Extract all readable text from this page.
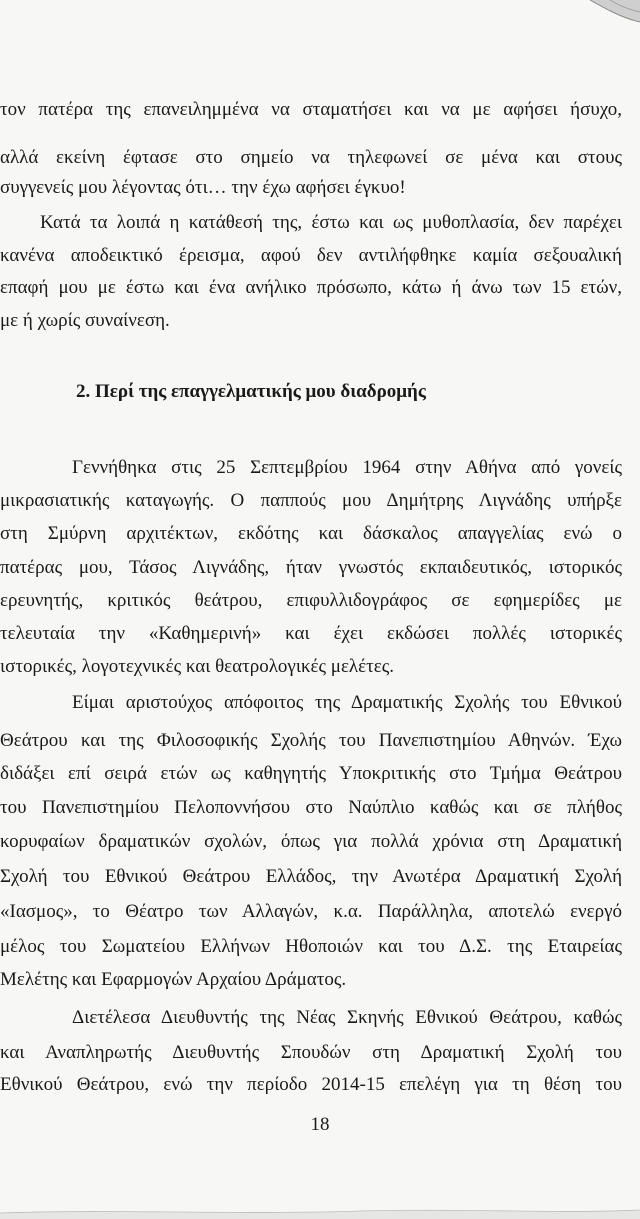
τον πατέρα της επανειλημμένα να σταματήσει και να με αφήσει ήσυχο,

αλλά εκείνη έφτασε στο σημείο να τηλεφωνεί σε μένα και στους

συγγενείς μου λέγοντας ότι… την έχω αφήσει έγκυο!

Κατά τα λοιπά η κατάθεσή της, έστω και ως μυθοπλασία, δεν παρέχει

κανένα αποδεικτικό έρεισμα, αφού δεν αντιλήφθηκε καμία σεξουαλική

επαφή μου με έστω και ένα ανήλικο πρόσωπο, κάτω ή άνω των 15 ετών,

με ή χωρίς συναίνεση.

2. Περί της επαγγελματικής μου διαδρομής

Γεννήθηκα στις 25 Σεπτεμβρίου 1964 στην Αθήνα από γονείς

μικρασιατικής καταγωγής. Ο παππούς μου Δημήτρης Λιγνάδης υπήρξε

στη Σμύρνη αρχιτέκτων, εκδότης και δάσκαλος απαγγελίας ενώ ο

πατέρας μου, Τάσος Λιγνάδης, ήταν γνωστός εκπαιδευτικός, ιστορικός

ερευνητής, κριτικός θεάτρου, επιφυλλιδογράφος σε εφημερίδες με

τελευταία την «Καθημερινή» και έχει εκδώσει πολλές ιστορικές

ιστορικές, λογοτεχνικές και θεατρολογικές μελέτες.

Είμαι αριστούχος απόφοιτος της Δραματικής Σχολής του Εθνικού

Θεάτρου και της Φιλοσοφικής Σχολής του Πανεπιστημίου Αθηνών. Έχω

διδάξει επί σειρά ετών ως καθηγητής Υποκριτικής στο Τμήμα Θεάτρου

του Πανεπιστημίου Πελοποννήσου στο Ναύπλιο καθώς και σε πλήθος

κορυφαίων δραματικών σχολών, όπως για πολλά χρόνια στη Δραματική

Σχολή του Εθνικού Θεάτρου Ελλάδος, την Ανωτέρα Δραματική Σχολή

«Ιασμος», το Θέατρο των Αλλαγών, κ.α. Παράλληλα, αποτελώ ενεργό

μέλος του Σωματείου Ελλήνων Ηθοποιών και του Δ.Σ. της Εταιρείας

Μελέτης και Εφαρμογών Αρχαίου Δράματος.

Διετέλεσα Διευθυντής της Νέας Σκηνής Εθνικού Θεάτρου, καθώς

και Αναπληρωτής Διευθυντής Σπουδών στη Δραματική Σχολή του

Εθνικού Θεάτρου, ενώ την περίοδο 2014-15 επελέγη για τη θέση του

18
